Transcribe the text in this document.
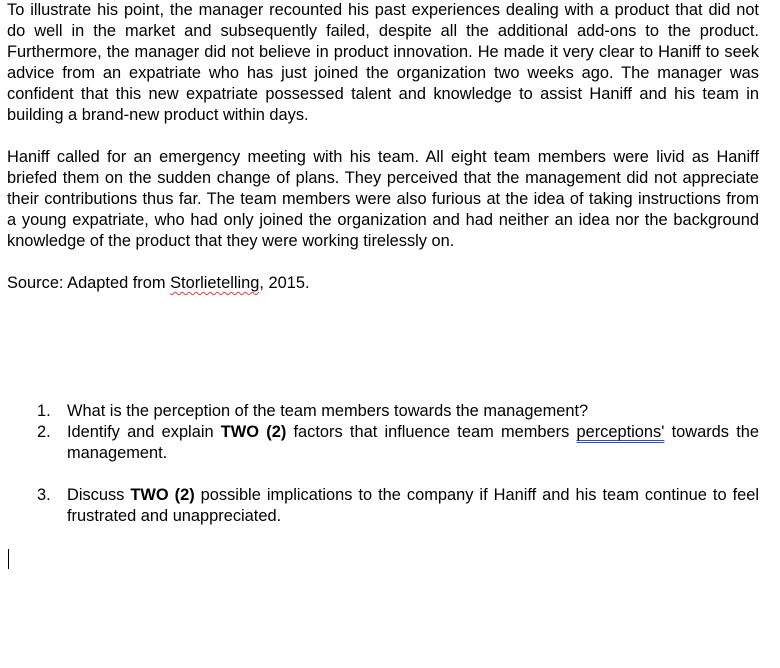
To illustrate his point, the manager recounted his past experiences dealing with a product that did not do well in the market and subsequently failed, despite all the additional add-ons to the product. Furthermore, the manager did not believe in product innovation. He made it very clear to Haniff to seek advice from an expatriate who has just joined the organization two weeks ago. The manager was confident that this new expatriate possessed talent and knowledge to assist Haniff and his team in building a brand-new product within days.

Haniff called for an emergency meeting with his team. All eight team members were livid as Haniff briefed them on the sudden change of plans. They perceived that the management did not appreciate their contributions thus far. The team members were also furious at the idea of taking instructions from a young expatriate, who had only joined the organization and had neither an idea nor the background knowledge of the product that they were working tirelessly on.

Source: Adapted from Storlietelling, 2015.

1. What is the perception of the team members towards the management?
2. Identify and explain TWO (2) factors that influence team members perceptions' towards the management.
3. Discuss TWO (2) possible implications to the company if Haniff and his team continue to feel frustrated and unappreciated.
